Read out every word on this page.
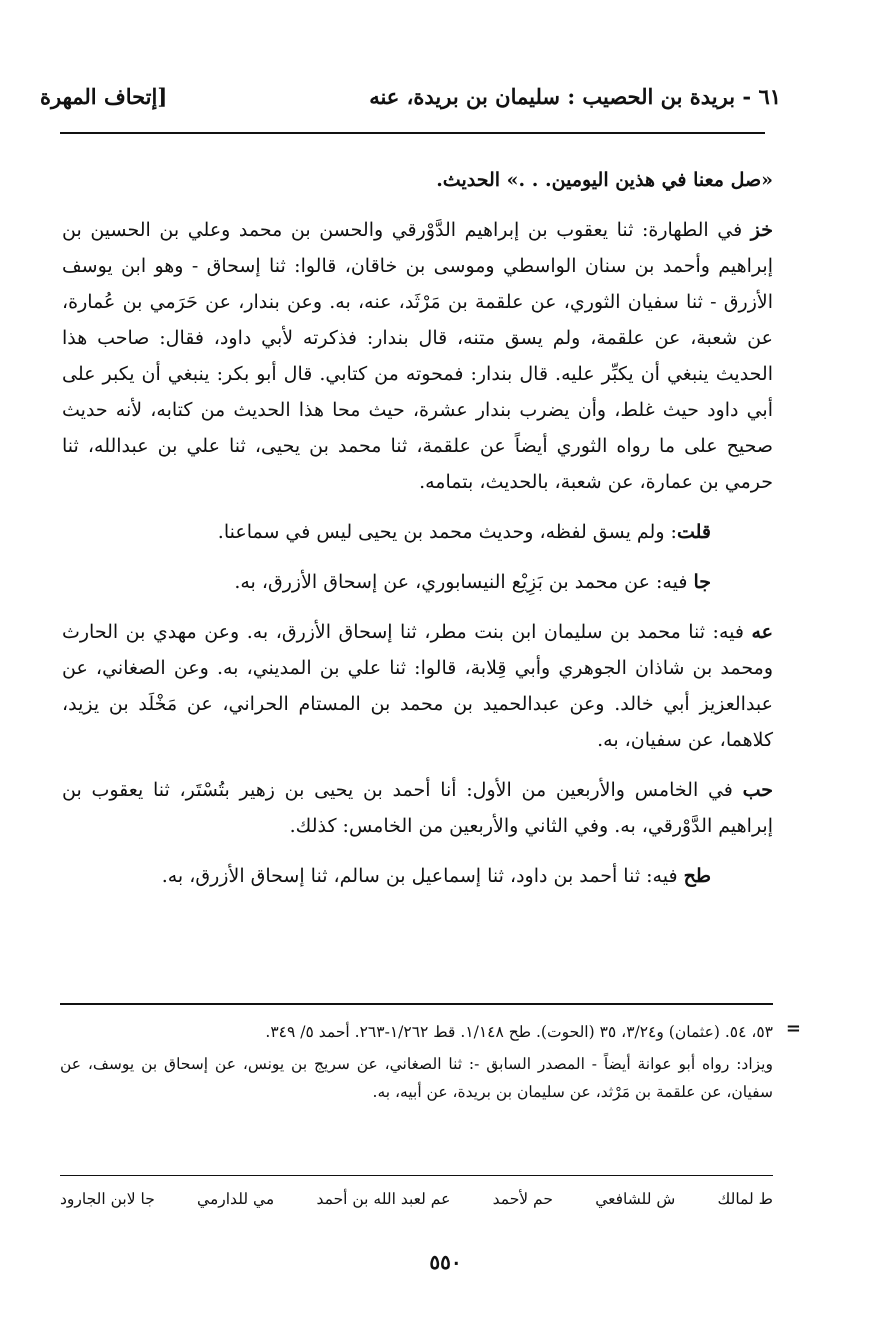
٦١ - بريدة بن الحصيب : سليمان بن بريدة، عنه
[إتحاف المهرة

«صل معنا في هذين اليومين. . .» الحديث.

خز في الطهارة: ثنا يعقوب بن إبراهيم الدَّوْرقي والحسن بن محمد وعلي بن الحسين بن إبراهيم وأحمد بن سنان الواسطي وموسى بن خاقان، قالوا: ثنا إسحاق - وهو ابن يوسف الأزرق - ثنا سفيان الثوري، عن علقمة بن مَرْثَد، عنه، به. وعن بندار، عن حَرَمي بن عُمارة، عن شعبة، عن علقمة، ولم يسق متنه، قال بندار: فذكرته لأبي داود، فقال: صاحب هذا الحديث ينبغي أن يكبِّر عليه. قال بندار: فمحوته من كتابي. قال أبو بكر: ينبغي أن يكبر على أبي داود حيث غلط، وأن يضرب بندار عشرة، حيث محا هذا الحديث من كتابه، لأنه حديث صحيح على ما رواه الثوري أيضاً عن علقمة، ثنا محمد بن يحيى، ثنا علي بن عبدالله، ثنا حرمي بن عمارة، عن شعبة، بالحديث، بتمامه.

قلت: ولم يسق لفظه، وحديث محمد بن يحيى ليس في سماعنا.

جا فيه: عن محمد بن بَزِيْع النيسابوري، عن إسحاق الأزرق، به.

عه فيه: ثنا محمد بن سليمان ابن بنت مطر، ثنا إسحاق الأزرق، به. وعن مهدي بن الحارث ومحمد بن شاذان الجوهري وأبي قِلابة، قالوا: ثنا علي بن المديني، به. وعن الصغاني، عن عبدالعزيز أبي خالد. وعن عبدالحميد بن محمد بن المستام الحراني، عن مَخْلَد بن يزيد، كلاهما، عن سفيان، به.

حب في الخامس والأربعين من الأول: أنا أحمد بن يحيى بن زهير بتُسْتَر، ثنا يعقوب بن إبراهيم الدَّوْرقي، به. وفي الثاني والأربعين من الخامس: كذلك.

طح فيه: ثنا أحمد بن داود، ثنا إسماعيل بن سالم، ثنا إسحاق الأزرق، به.

=

٥٣، ٥٤. (عثمان) و٣/٢٤، ٣٥ (الحوت). طح ١/١٤٨. قط ١/٢٦٢-٢٦٣. أحمد ٥/ ٣٤٩.

ويزاد: رواه أبو عوانة أيضاً - المصدر السابق -: ثنا الصغاني، عن سريج بن يونس، عن إسحاق بن يوسف، عن سفيان، عن علقمة بن مَرْثد، عن سليمان بن بريدة، عن أبيه، به.

ط لمالك
ش للشافعي
حم لأحمد
عم لعبد الله بن أحمد
مي للدارمي
جا لابن الجارود
٥٥٠
